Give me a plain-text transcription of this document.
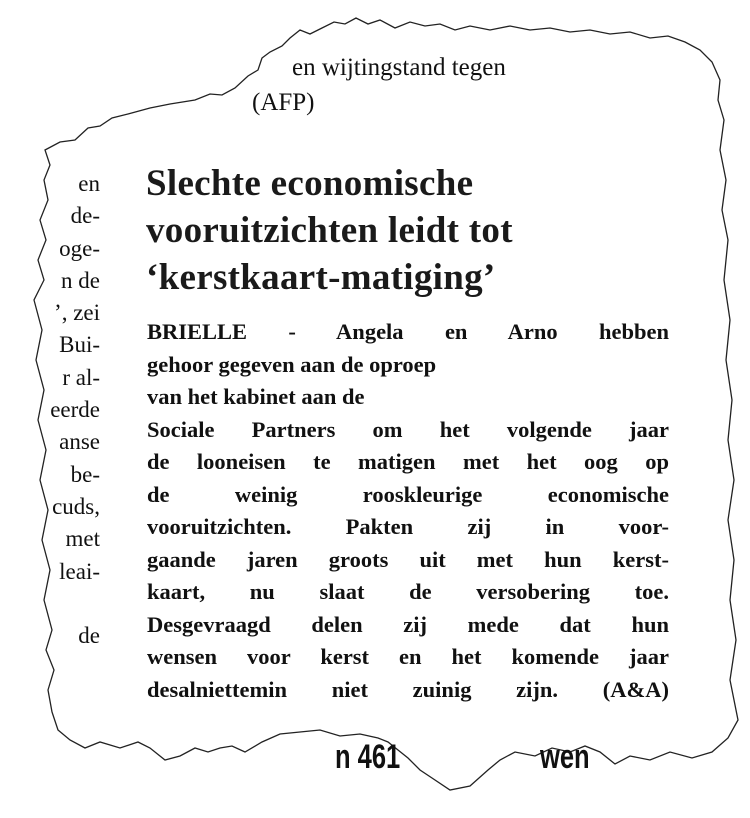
en wijtingstand tegen
(AFP)
en
de-
oge-
n de
’, zei
Bui-
r al-
eerde
anse
be-
cuds,
met
leai-

de
Slechte economische
vooruitzichten leidt tot
‘kerstkaart-matiging’
BRIELLE - Angela en Arno hebben
gehoor gegeven aan de oproep
van het kabinet aan de
Sociale Partners om het volgende jaar
de looneisen te matigen met het oog op
de weinig rooskleurige economische
vooruitzichten. Pakten zij in voor-
gaande jaren groots uit met hun kerst-
kaart, nu slaat de versobering toe.
Desgevraagd delen zij mede dat hun
wensen voor kerst en het komende jaar
desalniettemin niet zuinig zijn. (A&A)
n 461	wen
